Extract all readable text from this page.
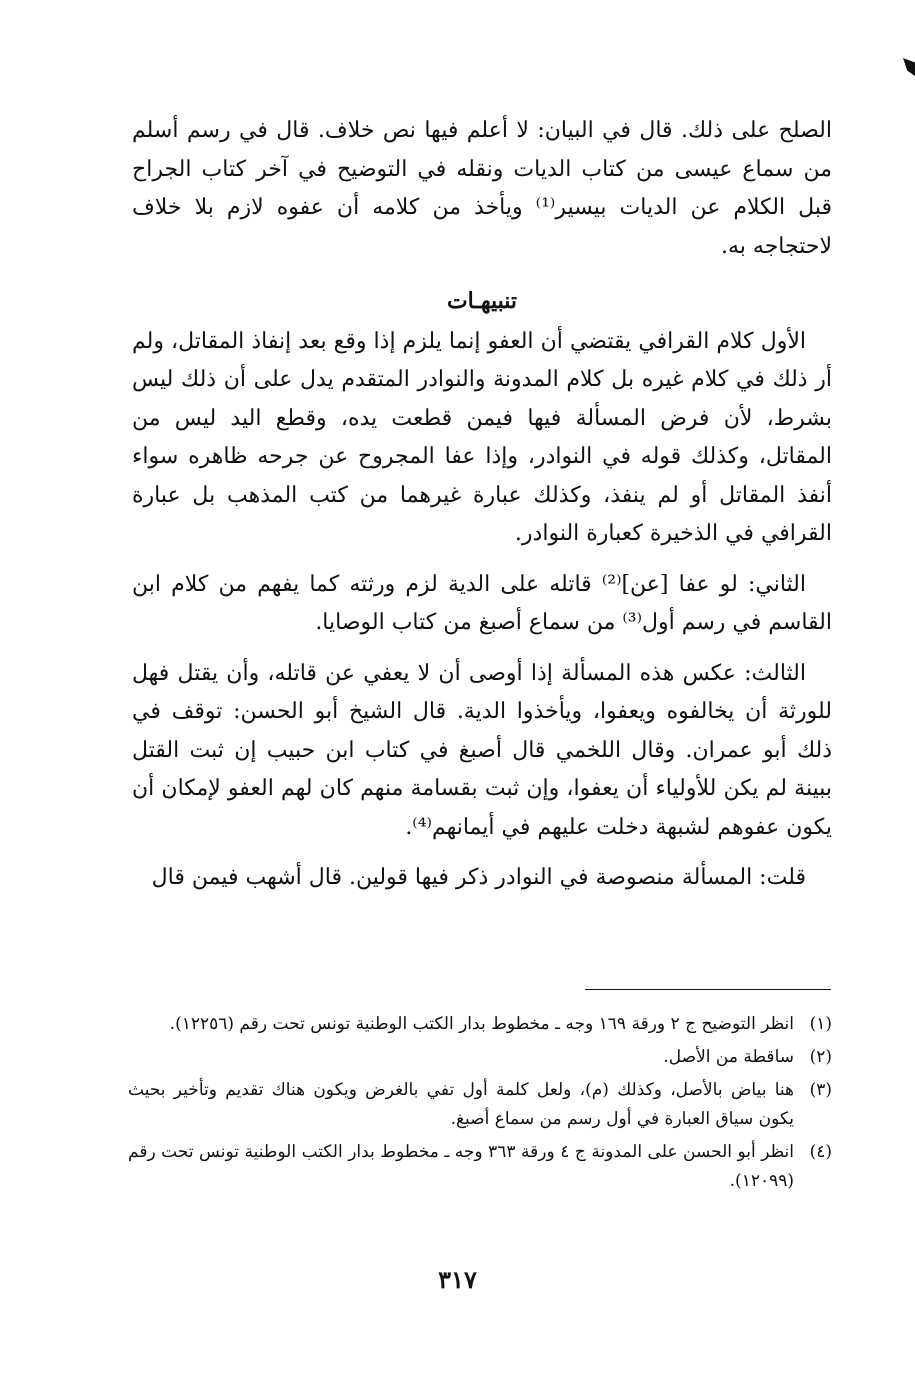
الصلح على ذلك. قال في البيان: لا أعلم فيها نص خلاف. قال في رسم أسلم من سماع عيسى من كتاب الديات ونقله في التوضيح في آخر كتاب الجراح قبل الكلام عن الديات بيسير⁽¹⁾ ويأخذ من كلامه أن عفوه لازم بلا خلاف لاحتجاجه به.

تنبيهـات

الأول كلام القرافي يقتضي أن العفو إنما يلزم إذا وقع بعد إنفاذ المقاتل، ولم أر ذلك في كلام غيره بل كلام المدونة والنوادر المتقدم يدل على أن ذلك ليس بشرط، لأن فرض المسألة فيها فيمن قطعت يده، وقطع اليد ليس من المقاتل، وكذلك قوله في النوادر، وإذا عفا المجروح عن جرحه ظاهره سواء أنفذ المقاتل أو لم ينفذ، وكذلك عبارة غيرهما من كتب المذهب بل عبارة القرافي في الذخيرة كعبارة النوادر.

الثاني: لو عفا [عن]⁽²⁾ قاتله على الدية لزم ورثته كما يفهم من كلام ابن القاسم في رسم أول⁽³⁾ من سماع أصبغ من كتاب الوصايا.

الثالث: عكس هذه المسألة إذا أوصى أن لا يعفي عن قاتله، وأن يقتل فهل للورثة أن يخالفوه ويعفوا، ويأخذوا الدية. قال الشيخ أبو الحسن: توقف في ذلك أبو عمران. وقال اللخمي قال أصبغ في كتاب ابن حبيب إن ثبت القتل ببينة لم يكن للأولياء أن يعفوا، وإن ثبت بقسامة منهم كان لهم العفو لإمكان أن يكون عفوهم لشبهة دخلت عليهم في أيمانهم⁽⁴⁾.

قلت: المسألة منصوصة في النوادر ذكر فيها قولين. قال أشهب فيمن قال

(١)
انظر التوضيح ج ٢ ورقة ١٦٩ وجه ـ مخطوط بدار الكتب الوطنية تونس تحت رقم (١٢٢٥٦).
(٢)
ساقطة من الأصل.
(٣)
هنا بياض بالأصل، وكذلك (م)، ولعل كلمة أول تفي بالغرض ويكون هناك تقديم وتأخير بحيث يكون سياق العبارة في أول رسم من سماع أصبغ.
(٤)
انظر أبو الحسن على المدونة ج ٤ ورقة ٣٦٣ وجه ـ مخطوط بدار الكتب الوطنية تونس تحت رقم (١٢٠٩٩).
٣١٧
